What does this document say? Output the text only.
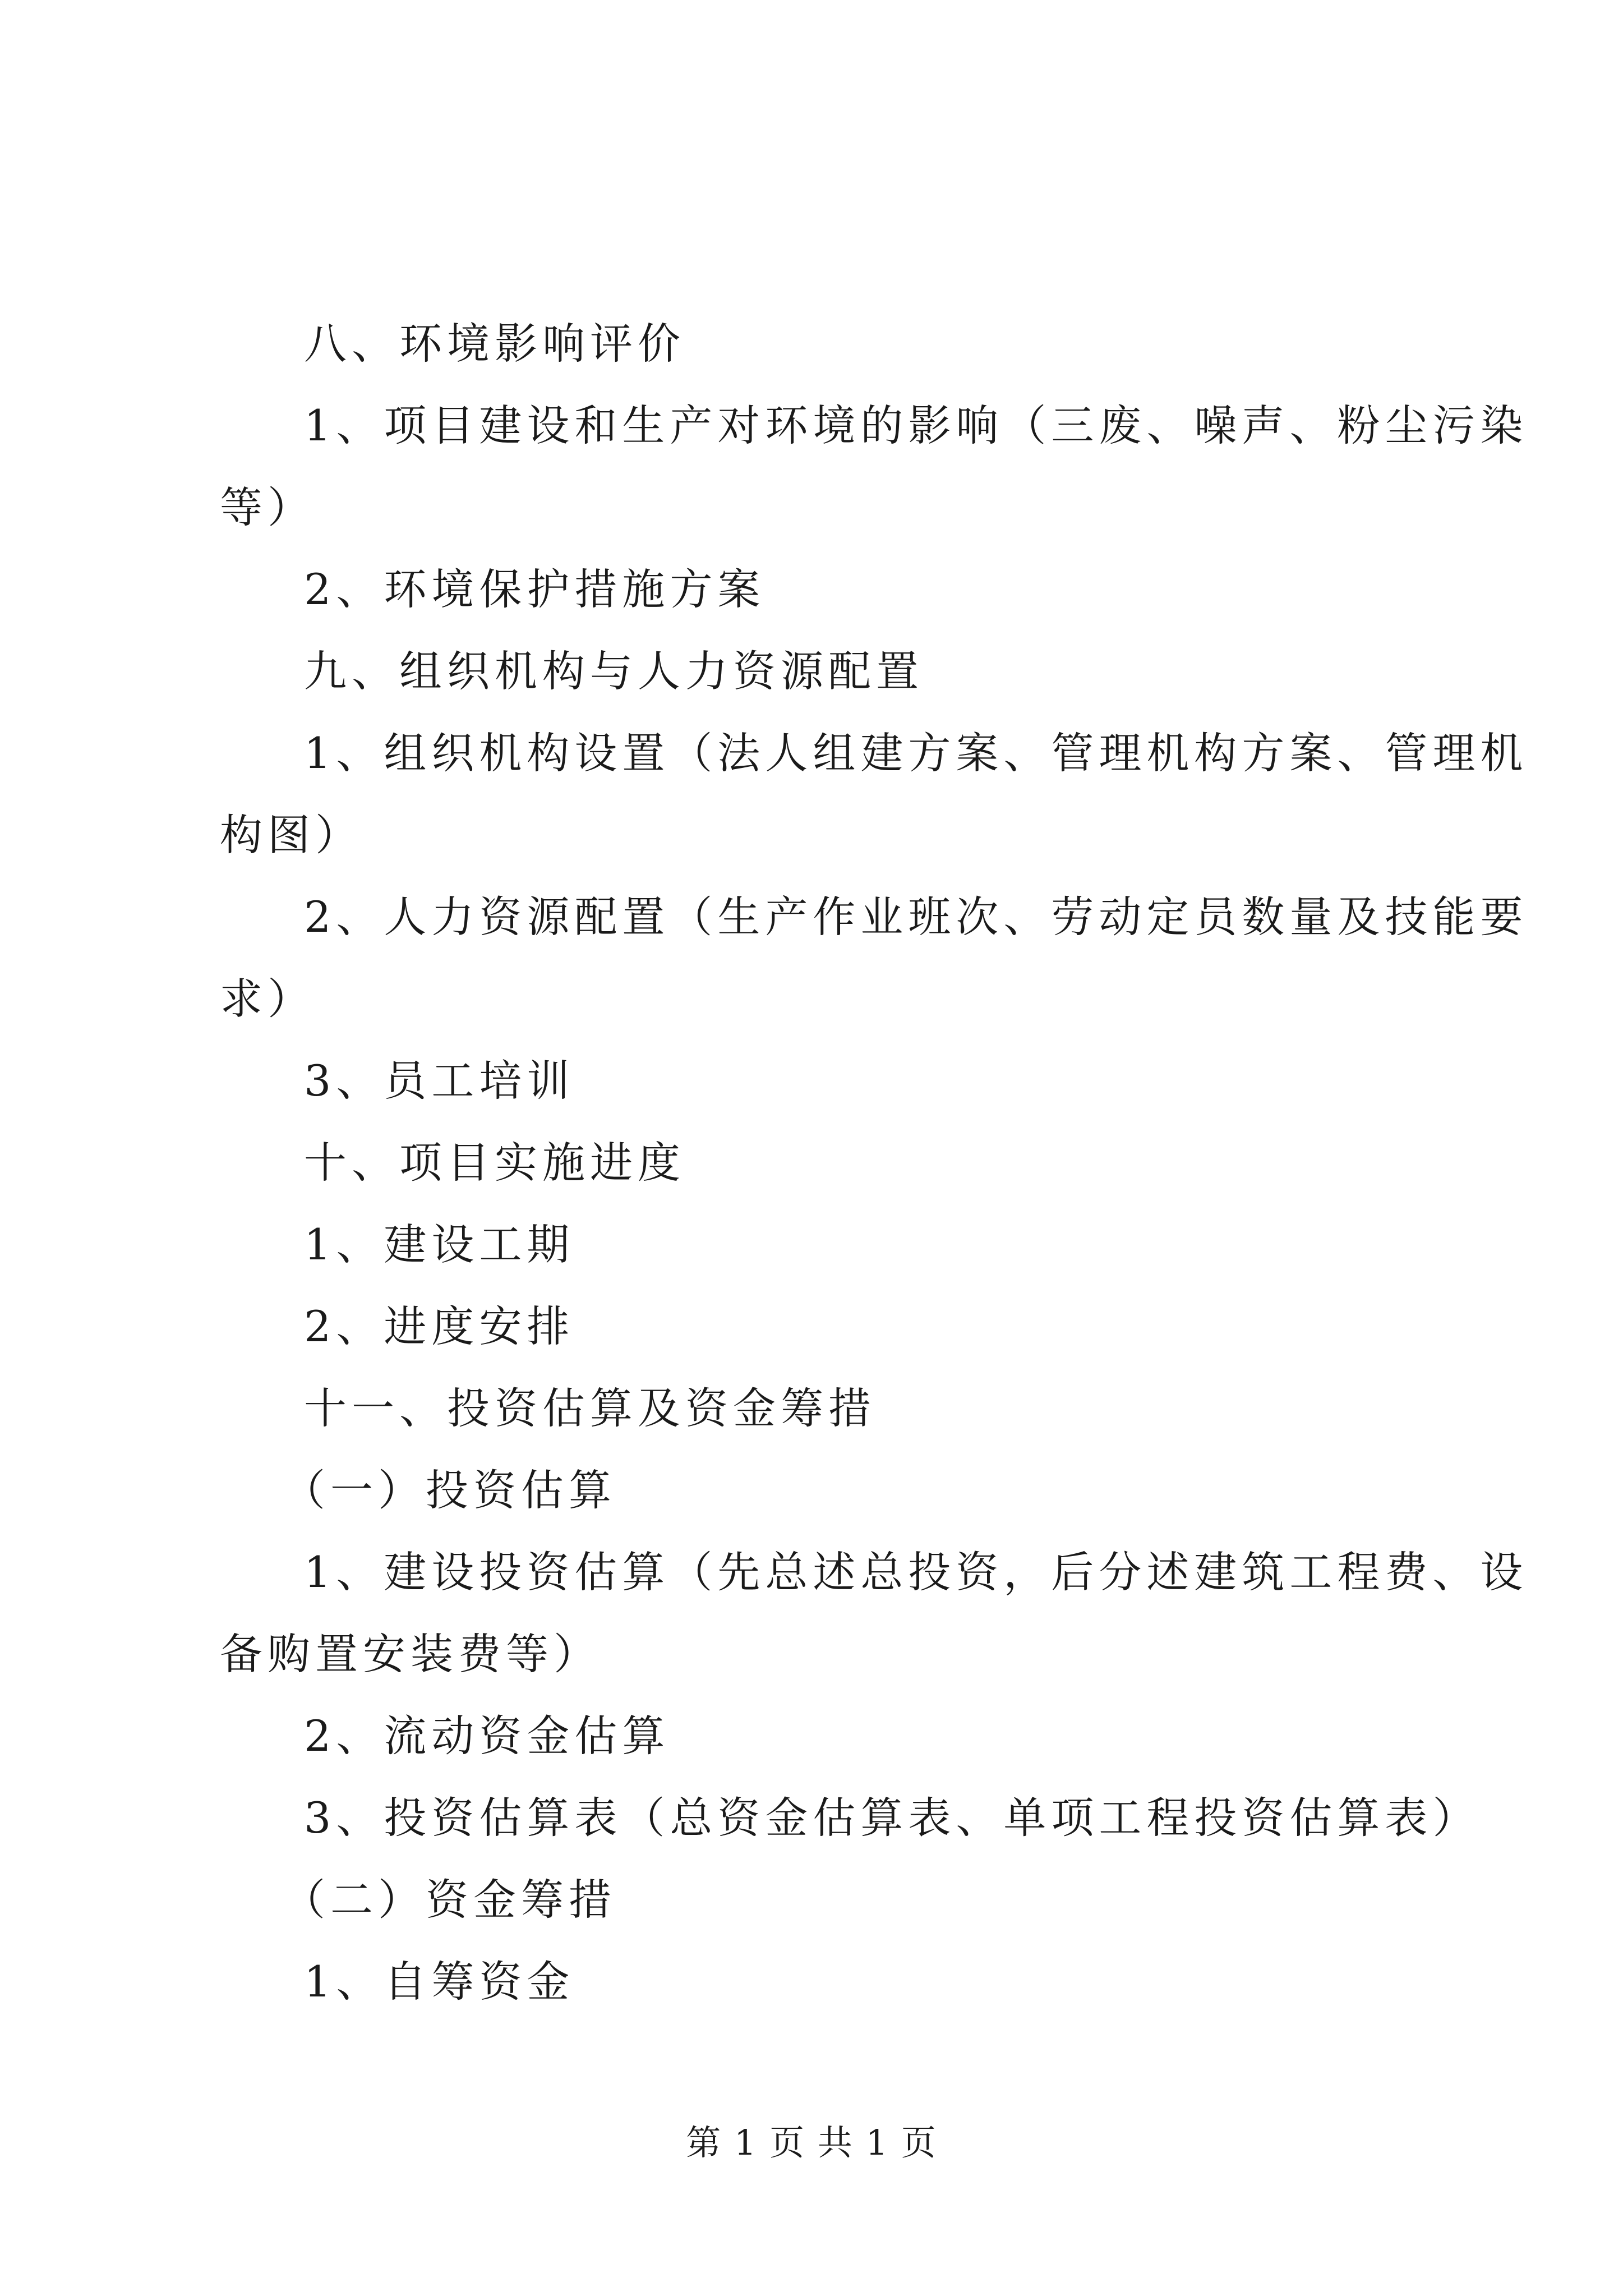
八、环境影响评价
1、项目建设和生产对环境的影响（三废、噪声、粉尘污染
等）
2、环境保护措施方案
九、组织机构与人力资源配置
1、组织机构设置（法人组建方案、管理机构方案、管理机
构图）
2、人力资源配置（生产作业班次、劳动定员数量及技能要
求）
3、员工培训
十、项目实施进度
1、建设工期
2、进度安排
十一、投资估算及资金筹措
（一）投资估算
1、建设投资估算（先总述总投资，后分述建筑工程费、设
备购置安装费等）
2、流动资金估算
3、投资估算表（总资金估算表、单项工程投资估算表）
（二）资金筹措
1、自筹资金
第 1 页 共 1 页
